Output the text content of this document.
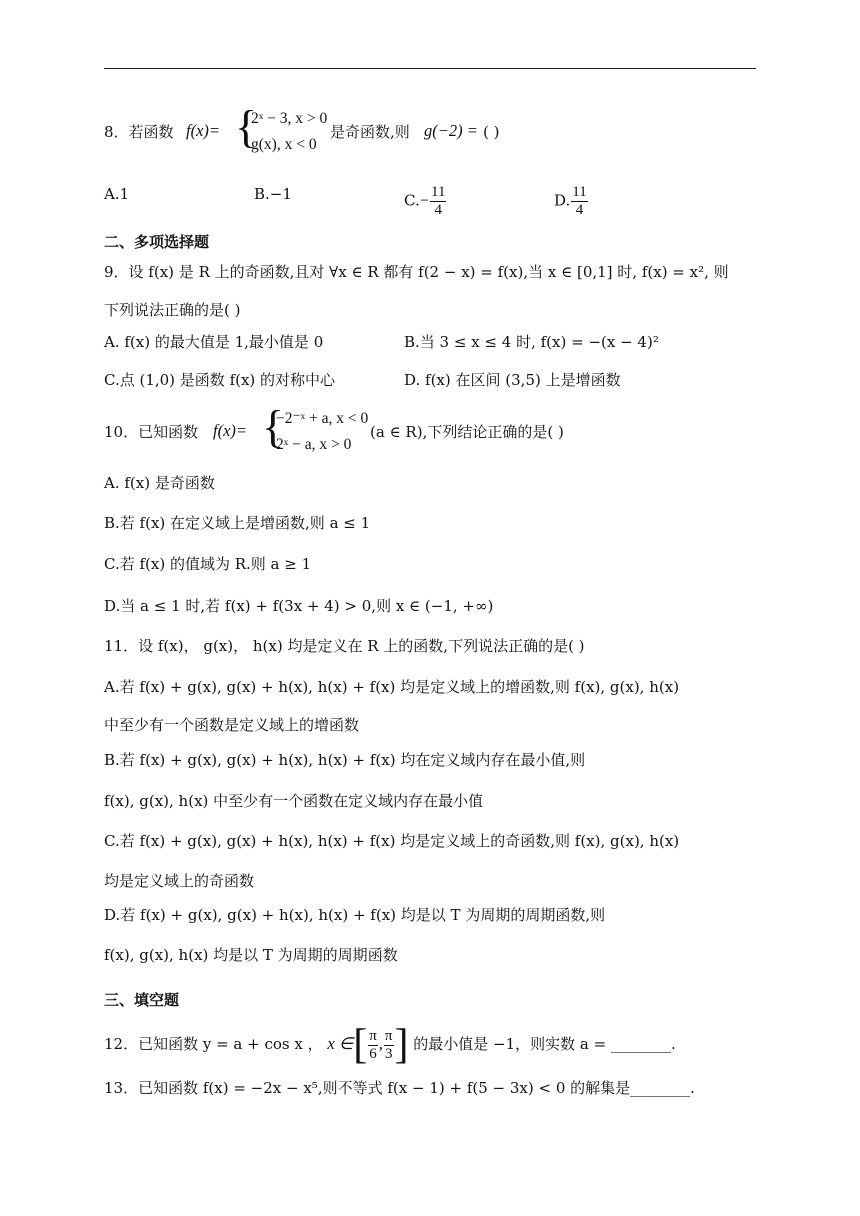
8．若函数 f(x)= {
2ˣ − 3, x > 0
g(x), x < 0
是奇函数,则 g(−2) = ( )
A.1	B.−1	$C.- \frac{11}{4}$	D. $\frac{11}{4}$
二、多项选择题
9．设 f(x) 是 R 上的奇函数,且对 ∀x ∈ R 都有 f(2 − x) = f(x),当 x ∈ [0,1] 时, f(x) = x², 则
下列说法正确的是( )
A. f(x) 的最大值是 1,最小值是 0	B.当 3 ≤ x ≤ 4 时, f(x) = −(x − 4)²
C.点 (1,0) 是函数 f(x) 的对称中心	D. f(x) 在区间 (3,5) 上是增函数
10．已知函数 f(x)= {
−2⁻ˣ + a, x < 0
2ˣ − a, x > 0
(a ∈ R),下列结论正确的是( )
A. f(x) 是奇函数
B.若 f(x) 在定义域上是增函数,则 a ≤ 1
C.若 f(x) 的值域为 R.则 a ≥ 1
D.当 a ≤ 1 时,若 f(x) + f(3x + 4) > 0,则 x ∈ (−1, +∞)
11．设 f(x)， g(x)， h(x) 均是定义在 R 上的函数,下列说法正确的是( )
A.若 f(x) + g(x), g(x) + h(x), h(x) + f(x) 均是定义域上的增函数,则 f(x), g(x), h(x)
中至少有一个函数是定义域上的增函数
B.若 f(x) + g(x), g(x) + h(x), h(x) + f(x) 均在定义域内存在最小值,则
f(x), g(x), h(x) 中至少有一个函数在定义域内存在最小值
C.若 f(x) + g(x), g(x) + h(x), h(x) + f(x) 均是定义域上的奇函数,则 f(x), g(x), h(x)
均是定义域上的奇函数
D.若 f(x) + g(x), g(x) + h(x), h(x) + f(x) 均是以 T 为周期的周期函数,则
f(x), g(x), h(x) 均是以 T 为周期的周期函数
三、填空题
12．已知函数 y = a + cos x ， x ∈[ $\frac{\pi}{6}$ , $\frac{\pi}{3}$ ] 的最小值是 −1，则实数 a = ________.
13．已知函数 f(x) = −2x − x⁵,则不等式 f(x − 1) + f(5 − 3x) < 0 的解集是________.
